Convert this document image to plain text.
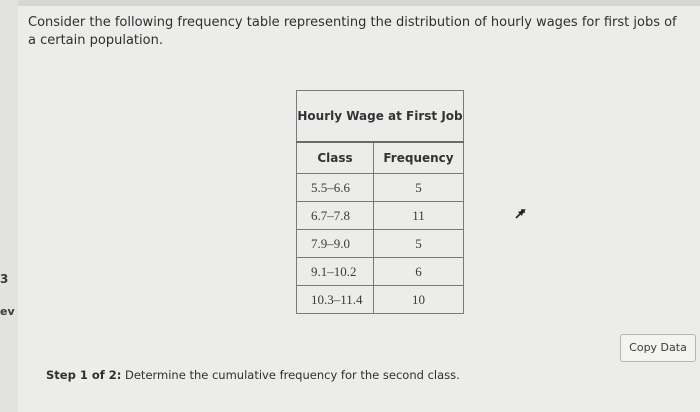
3
ev
Consider the following frequency table representing the distribution of hourly wages for first jobs of a certain population.
Hourly Wage at First Job	
Class	Frequency
5.5–6.6	5
6.7–7.8	11
7.9–9.0	5
9.1–10.2	6
10.3–11.4	10
Copy Data
Step 1 of 2: Determine the cumulative frequency for the second class.
